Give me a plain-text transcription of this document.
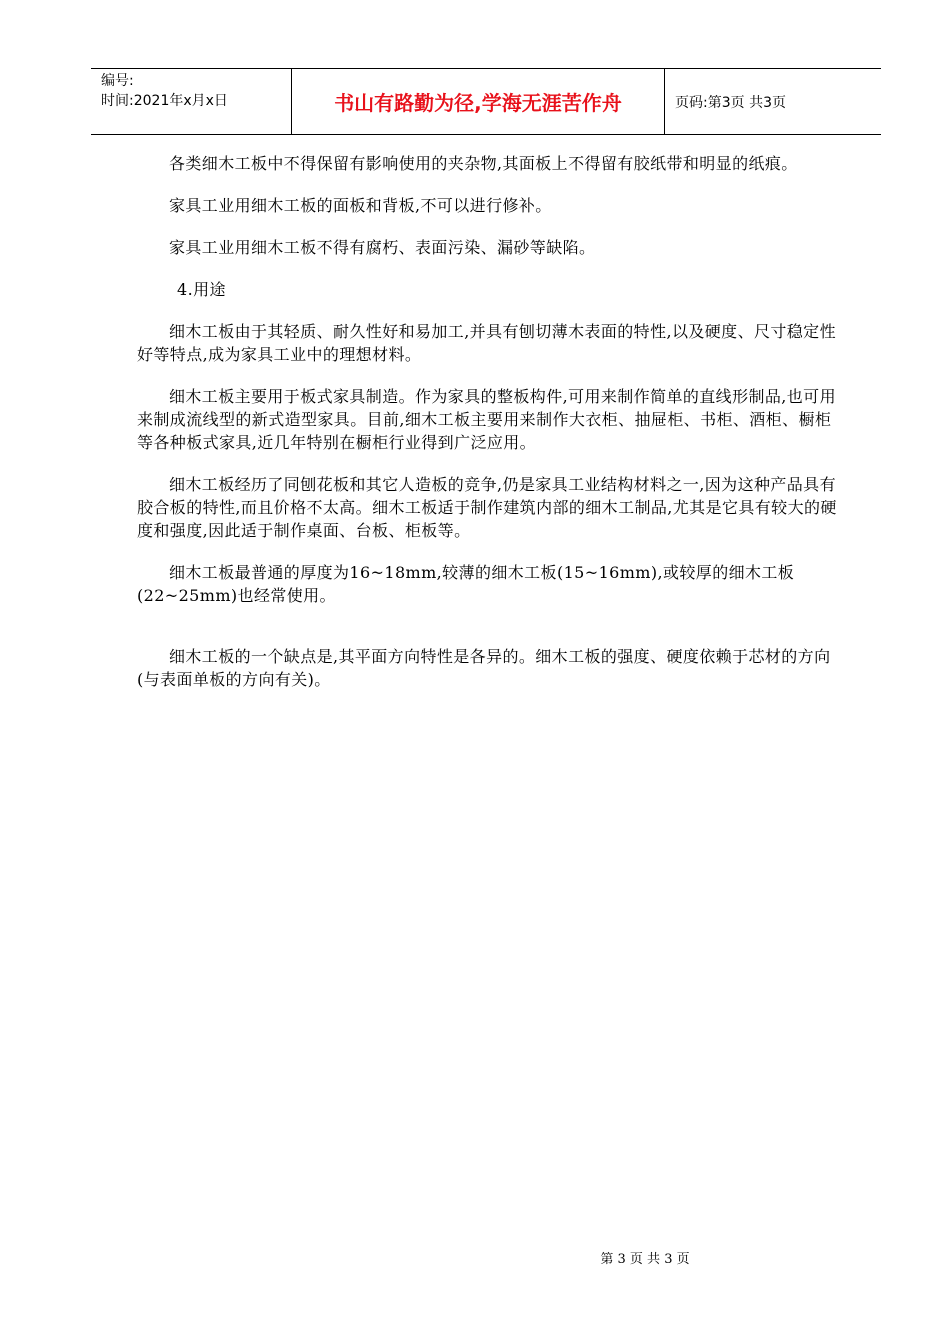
编号:
时间:2021年x月x日	书山有路勤为径,学海无涯苦作舟	页码:第3页 共3页

各类细木工板中不得保留有影响使用的夹杂物,其面板上不得留有胶纸带和明显的纸痕。

家具工业用细木工板的面板和背板,不可以进行修补。

家具工业用细木工板不得有腐朽、表面污染、漏砂等缺陷。

4.用途

细木工板由于其轻质、耐久性好和易加工,并具有刨切薄木表面的特性,以及硬度、尺寸稳定性好等特点,成为家具工业中的理想材料。

细木工板主要用于板式家具制造。作为家具的整板构件,可用来制作简单的直线形制品,也可用来制成流线型的新式造型家具。目前,细木工板主要用来制作大衣柜、抽屉柜、书柜、酒柜、橱柜等各种板式家具,近几年特别在橱柜行业得到广泛应用。

细木工板经历了同刨花板和其它人造板的竞争,仍是家具工业结构材料之一,因为这种产品具有胶合板的特性,而且价格不太高。细木工板适于制作建筑内部的细木工制品,尤其是它具有较大的硬度和强度,因此适于制作桌面、台板、柜板等。

细木工板最普通的厚度为16~18mm,较薄的细木工板(15~16mm),或较厚的细木工板(22~25mm)也经常使用。

细木工板的一个缺点是,其平面方向特性是各异的。细木工板的强度、硬度依赖于芯材的方向(与表面单板的方向有关)。

第 3 页 共 3 页
